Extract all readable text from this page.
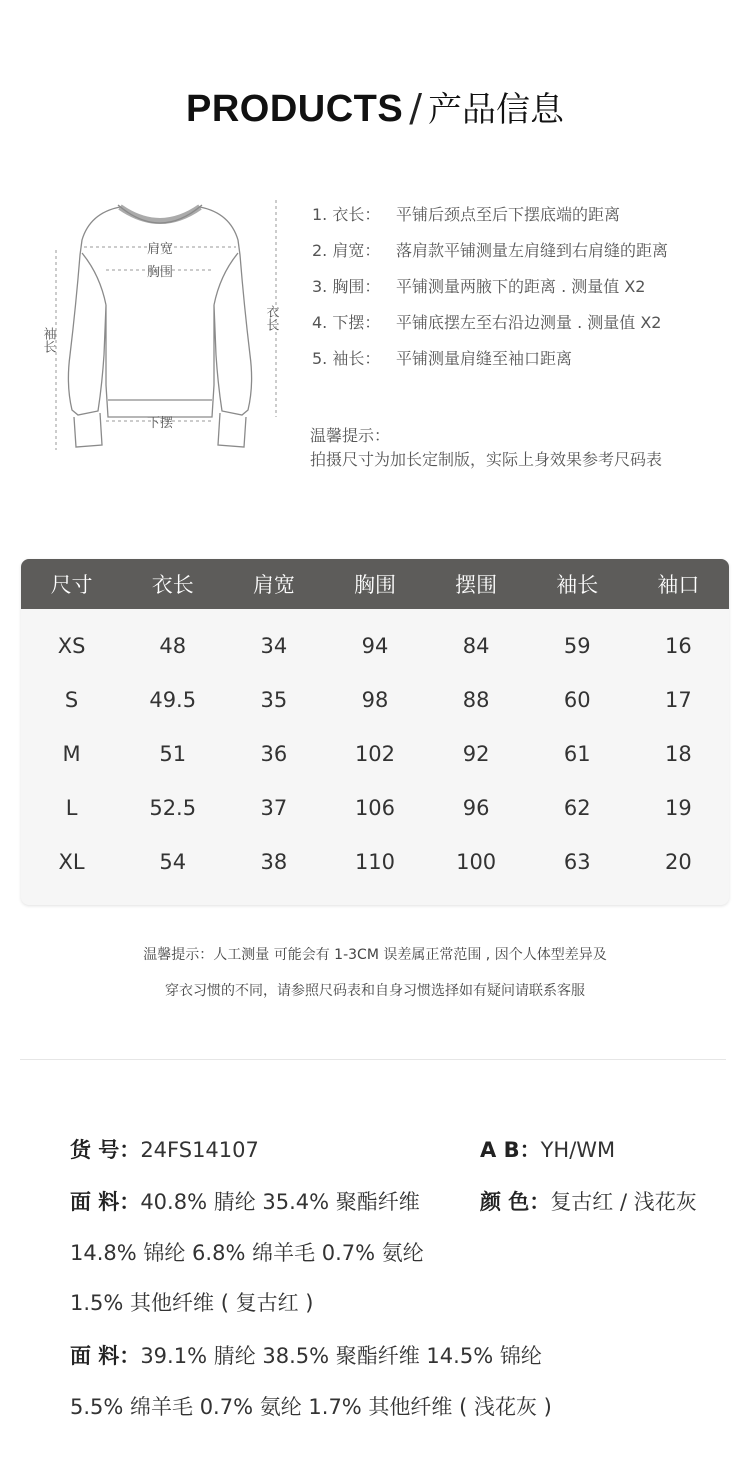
PRODUCTS / 产品信息
肩宽
胸围
下摆
衣长
袖长
1. 衣长： 平铺后颈点至后下摆底端的距离
2. 肩宽： 落肩款平铺测量左肩缝到右肩缝的距离
3. 胸围： 平铺测量两腋下的距离 . 测量值 X2
4. 下摆： 平铺底摆左至右沿边测量 . 测量值 X2
5. 袖长： 平铺测量肩缝至袖口距离
温馨提示：
拍摄尺寸为加长定制版，实际上身效果参考尺码表
尺寸	衣长	肩宽	胸围	摆围	袖长	袖口
XS	48	34	94	84	59	16
S	49.5	35	98	88	60	17
M	51	36	102	92	61	18
L	52.5	37	106	96	62	19
XL	54	38	110	100	63	20
温馨提示：人工测量 可能会有 1-3CM 误差属正常范围 , 因个人体型差异及
穿衣习惯的不同，请参照尺码表和自身习惯选择如有疑问请联系客服
货 号：24FS14107	A B：YH/WM
面 料：40.8% 腈纶 35.4% 聚酯纤维	颜 色：复古红 / 浅花灰
14.8% 锦纶 6.8% 绵羊毛 0.7% 氨纶
1.5% 其他纤维 ( 复古红 )
面 料：39.1% 腈纶 38.5% 聚酯纤维 14.5% 锦纶
5.5% 绵羊毛 0.7% 氨纶 1.7% 其他纤维 ( 浅花灰 )
